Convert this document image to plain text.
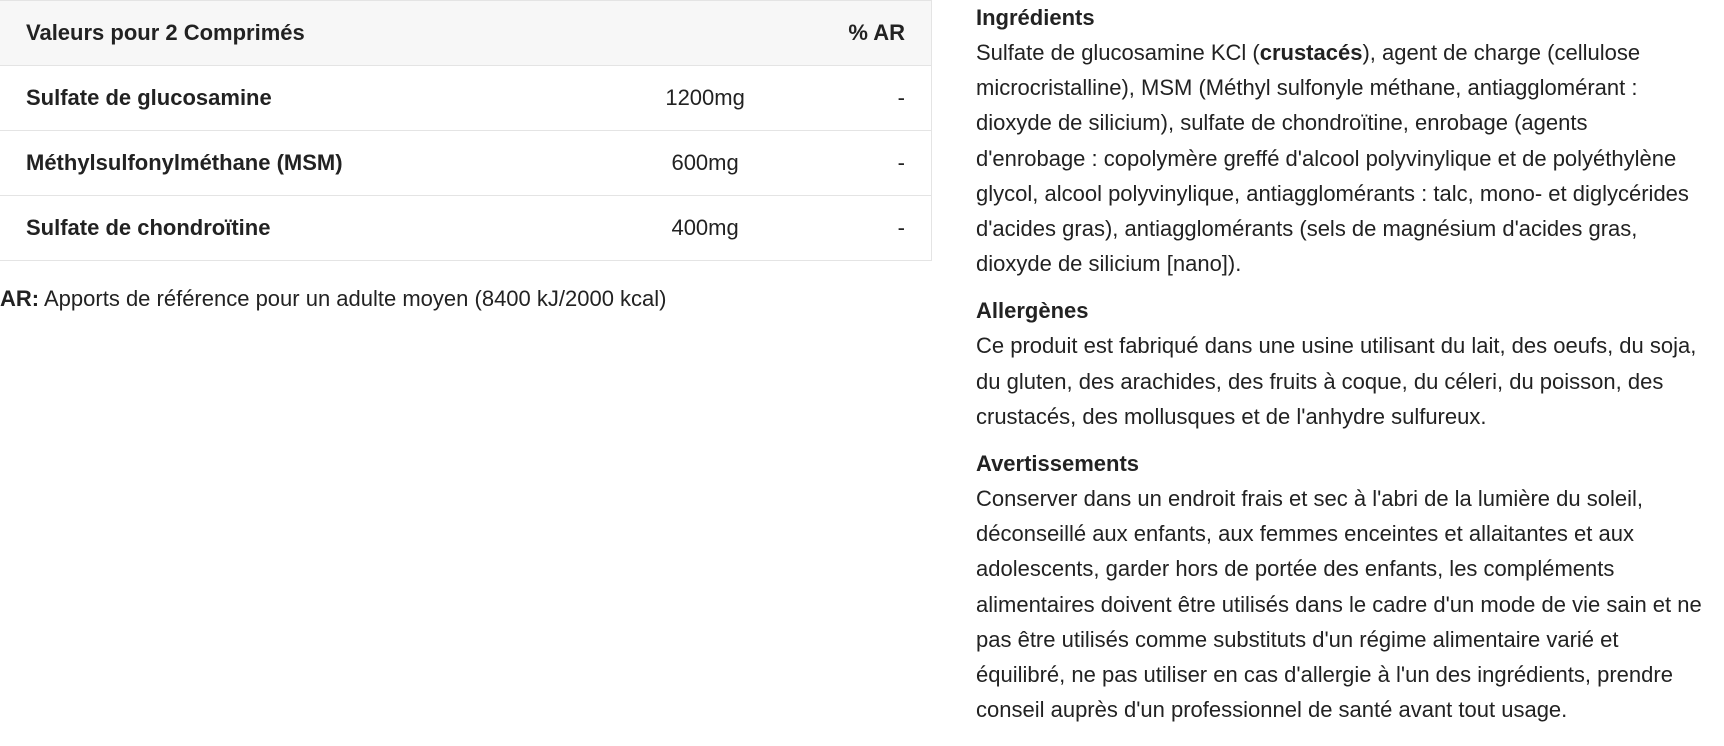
Valeurs pour 2 Comprimés		% AR
Sulfate de glucosamine	1200mg	-
Méthylsulfonylméthane (MSM)	600mg	-
Sulfate de chondroïtine	400mg	-
AR: Apports de référence pour un adulte moyen (8400 kJ/2000 kcal)
Ingrédients

Sulfate de glucosamine KCl (crustacés), agent de charge (cellulose microcristalline), MSM (Méthyl sulfonyle méthane, antiagglomérant : dioxyde de silicium), sulfate de chondroïtine, enrobage (agents d'enrobage : copolymère greffé d'alcool polyvinylique et de polyéthylène glycol, alcool polyvinylique, antiagglomérants : talc, mono- et diglycérides d'acides gras), antiagglomérants (sels de magnésium d'acides gras, dioxyde de silicium [nano]).

Allergènes

Ce produit est fabriqué dans une usine utilisant du lait, des oeufs, du soja, du gluten, des arachides, des fruits à coque, du céleri, du poisson, des crustacés, des mollusques et de l'anhydre sulfureux.

Avertissements

Conserver dans un endroit frais et sec à l'abri de la lumière du soleil, déconseillé aux enfants, aux femmes enceintes et allaitantes et aux adolescents, garder hors de portée des enfants, les compléments alimentaires doivent être utilisés dans le cadre d'un mode de vie sain et ne pas être utilisés comme substituts d'un régime alimentaire varié et équilibré, ne pas utiliser en cas d'allergie à l'un des ingrédients, prendre conseil auprès d'un professionnel de santé avant tout usage.
